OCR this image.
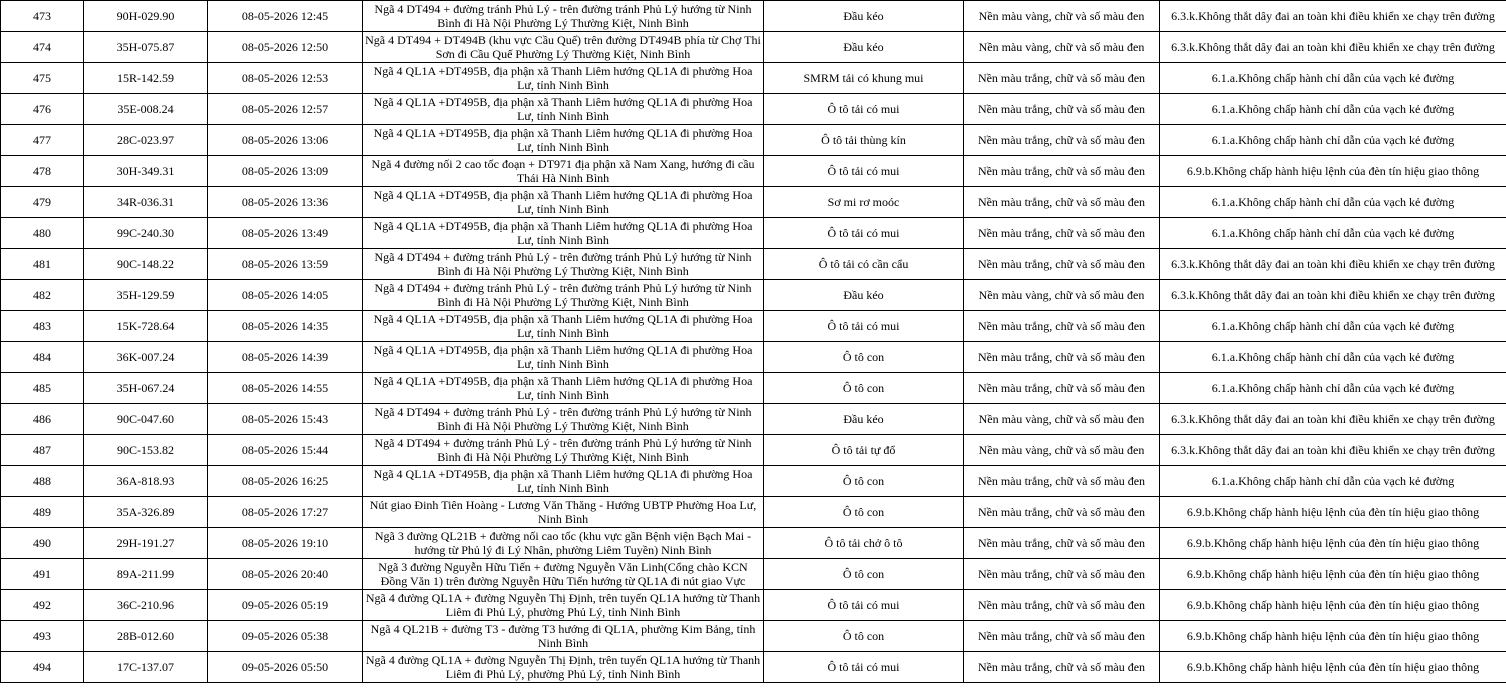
473	90H-029.90	08-05-2026 12:45	Ngã 4 DT494 + đường tránh Phủ Lý - trên đường tránh Phủ Lý hướng từ Ninh Bình đi Hà Nội Phường Lý Thường Kiệt, Ninh Bình	Đầu kéo	Nền màu vàng, chữ và số màu đen	6.3.k.Không thắt dây đai an toàn khi điều khiển xe chạy trên đường
474	35H-075.87	08-05-2026 12:50	Ngã 4 DT494 + DT494B (khu vực Cầu Quế) trên đường DT494B phía từ Chợ Thi Sơn đi Cầu Quế Phường Lý Thường Kiệt, Ninh Bình	Đầu kéo	Nền màu vàng, chữ và số màu đen	6.3.k.Không thắt dây đai an toàn khi điều khiển xe chạy trên đường
475	15R-142.59	08-05-2026 12:53	Ngã 4 QL1A +DT495B, địa phận xã Thanh Liêm hướng QL1A đi phường Hoa Lư, tỉnh Ninh Bình	SMRM tải có khung mui	Nền màu trắng, chữ và số màu đen	6.1.a.Không chấp hành chỉ dẫn của vạch kẻ đường
476	35E-008.24	08-05-2026 12:57	Ngã 4 QL1A +DT495B, địa phận xã Thanh Liêm hướng QL1A đi phường Hoa Lư, tỉnh Ninh Bình	Ô tô tải có mui	Nền màu trắng, chữ và số màu đen	6.1.a.Không chấp hành chỉ dẫn của vạch kẻ đường
477	28C-023.97	08-05-2026 13:06	Ngã 4 QL1A +DT495B, địa phận xã Thanh Liêm hướng QL1A đi phường Hoa Lư, tỉnh Ninh Bình	Ô tô tải thùng kín	Nền màu trắng, chữ và số màu đen	6.1.a.Không chấp hành chỉ dẫn của vạch kẻ đường
478	30H-349.31	08-05-2026 13:09	Ngã 4 đường nối 2 cao tốc đoạn + DT971 địa phận xã Nam Xang, hướng đi cầu Thái Hà Ninh Bình	Ô tô tải có mui	Nền màu trắng, chữ và số màu đen	6.9.b.Không chấp hành hiệu lệnh của đèn tín hiệu giao thông
479	34R-036.31	08-05-2026 13:36	Ngã 4 QL1A +DT495B, địa phận xã Thanh Liêm hướng QL1A đi phường Hoa Lư, tỉnh Ninh Bình	Sơ mi rơ moóc	Nền màu trắng, chữ và số màu đen	6.1.a.Không chấp hành chỉ dẫn của vạch kẻ đường
480	99C-240.30	08-05-2026 13:49	Ngã 4 QL1A +DT495B, địa phận xã Thanh Liêm hướng QL1A đi phường Hoa Lư, tỉnh Ninh Bình	Ô tô tải có mui	Nền màu trắng, chữ và số màu đen	6.1.a.Không chấp hành chỉ dẫn của vạch kẻ đường
481	90C-148.22	08-05-2026 13:59	Ngã 4 DT494 + đường tránh Phủ Lý - trên đường tránh Phủ Lý hướng từ Ninh Bình đi Hà Nội Phường Lý Thường Kiệt, Ninh Bình	Ô tô tải có cần cẩu	Nền màu trắng, chữ và số màu đen	6.3.k.Không thắt dây đai an toàn khi điều khiển xe chạy trên đường
482	35H-129.59	08-05-2026 14:05	Ngã 4 DT494 + đường tránh Phủ Lý - trên đường tránh Phủ Lý hướng từ Ninh Bình đi Hà Nội Phường Lý Thường Kiệt, Ninh Bình	Đầu kéo	Nền màu vàng, chữ và số màu đen	6.3.k.Không thắt dây đai an toàn khi điều khiển xe chạy trên đường
483	15K-728.64	08-05-2026 14:35	Ngã 4 QL1A +DT495B, địa phận xã Thanh Liêm hướng QL1A đi phường Hoa Lư, tỉnh Ninh Bình	Ô tô tải có mui	Nền màu trắng, chữ và số màu đen	6.1.a.Không chấp hành chỉ dẫn của vạch kẻ đường
484	36K-007.24	08-05-2026 14:39	Ngã 4 QL1A +DT495B, địa phận xã Thanh Liêm hướng QL1A đi phường Hoa Lư, tỉnh Ninh Bình	Ô tô con	Nền màu trắng, chữ và số màu đen	6.1.a.Không chấp hành chỉ dẫn của vạch kẻ đường
485	35H-067.24	08-05-2026 14:55	Ngã 4 QL1A +DT495B, địa phận xã Thanh Liêm hướng QL1A đi phường Hoa Lư, tỉnh Ninh Bình	Ô tô con	Nền màu trắng, chữ và số màu đen	6.1.a.Không chấp hành chỉ dẫn của vạch kẻ đường
486	90C-047.60	08-05-2026 15:43	Ngã 4 DT494 + đường tránh Phủ Lý - trên đường tránh Phủ Lý hướng từ Ninh Bình đi Hà Nội Phường Lý Thường Kiệt, Ninh Bình	Đầu kéo	Nền màu vàng, chữ và số màu đen	6.3.k.Không thắt dây đai an toàn khi điều khiển xe chạy trên đường
487	90C-153.82	08-05-2026 15:44	Ngã 4 DT494 + đường tránh Phủ Lý - trên đường tránh Phủ Lý hướng từ Ninh Bình đi Hà Nội Phường Lý Thường Kiệt, Ninh Bình	Ô tô tải tự đổ	Nền màu vàng, chữ và số màu đen	6.3.k.Không thắt dây đai an toàn khi điều khiển xe chạy trên đường
488	36A-818.93	08-05-2026 16:25	Ngã 4 QL1A +DT495B, địa phận xã Thanh Liêm hướng QL1A đi phường Hoa Lư, tỉnh Ninh Bình	Ô tô con	Nền màu trắng, chữ và số màu đen	6.1.a.Không chấp hành chỉ dẫn của vạch kẻ đường
489	35A-326.89	08-05-2026 17:27	Nút giao Đinh Tiên Hoàng - Lương Văn Thăng - Hướng UBTP Phường Hoa Lư, Ninh Bình	Ô tô con	Nền màu trắng, chữ và số màu đen	6.9.b.Không chấp hành hiệu lệnh của đèn tín hiệu giao thông
490	29H-191.27	08-05-2026 19:10	Ngã 3 đường QL21B + đường nối cao tốc (khu vực gần Bệnh viện Bạch Mai - hướng từ Phủ lý đi Lý Nhân, phường Liêm Tuyền) Ninh Bình	Ô tô tải chở ô tô	Nền màu trắng, chữ và số màu đen	6.9.b.Không chấp hành hiệu lệnh của đèn tín hiệu giao thông
491	89A-211.99	08-05-2026 20:40	Ngã 3 đường Nguyễn Hữu Tiến + đường Nguyễn Văn Linh(Cổng chào KCN Đồng Văn 1) trên đường Nguyễn Hữu Tiến hướng từ QL1A đi nút giao Vực	Ô tô con	Nền màu trắng, chữ và số màu đen	6.9.b.Không chấp hành hiệu lệnh của đèn tín hiệu giao thông
492	36C-210.96	09-05-2026 05:19	Ngã 4 đường QL1A + đường Nguyễn Thị Định, trên tuyến QL1A hướng từ Thanh Liêm đi Phủ Lý, phường Phủ Lý, tỉnh Ninh Bình	Ô tô tải có mui	Nền màu trắng, chữ và số màu đen	6.9.b.Không chấp hành hiệu lệnh của đèn tín hiệu giao thông
493	28B-012.60	09-05-2026 05:38	Ngã 4 QL21B + đường T3 - đường T3 hướng đi QL1A, phường Kim Bảng, tỉnh Ninh Bình	Ô tô con	Nền màu trắng, chữ và số màu đen	6.9.b.Không chấp hành hiệu lệnh của đèn tín hiệu giao thông
494	17C-137.07	09-05-2026 05:50	Ngã 4 đường QL1A + đường Nguyễn Thị Định, trên tuyến QL1A hướng từ Thanh Liêm đi Phủ Lý, phường Phủ Lý, tỉnh Ninh Bình	Ô tô tải có mui	Nền màu trắng, chữ và số màu đen	6.9.b.Không chấp hành hiệu lệnh của đèn tín hiệu giao thông
